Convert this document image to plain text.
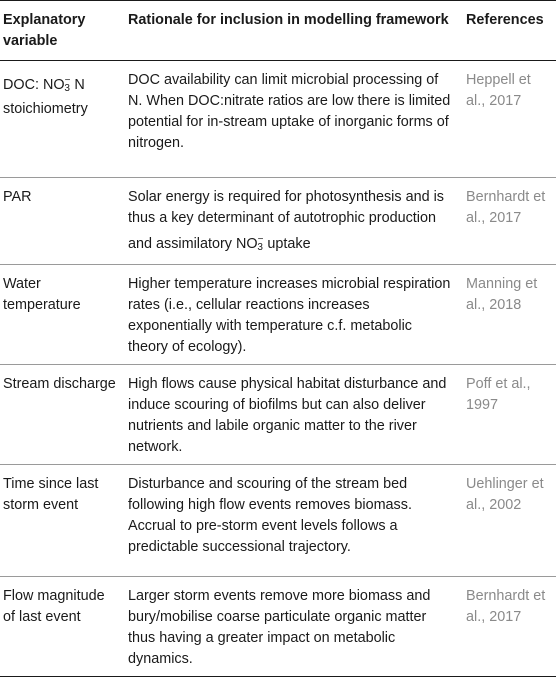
Explanatory variable	Rationale for inclusion in modelling framework	References
DOC: NO−3 N stoichiometry	DOC availability can limit microbial processing of N. When DOC:nitrate ratios are low there is limited potential for in-stream uptake of inorganic forms of nitrogen.	Heppell et al., 2017
PAR	Solar energy is required for photosynthesis and is thus a key determinant of autotrophic production and assimilatory NO−3 uptake	Bernhardt et al., 2017
Water temperature	Higher temperature increases microbial respiration rates (i.e., cellular reactions increases exponentially with temperature c.f. metabolic theory of ecology).	Manning et al., 2018
Stream discharge	High flows cause physical habitat disturbance and induce scouring of biofilms but can also deliver nutrients and labile organic matter to the river network.	Poff et al., 1997
Time since last storm event	Disturbance and scouring of the stream bed following high flow events removes biomass. Accrual to pre-storm event levels follows a predictable successional trajectory.	Uehlinger et al., 2002
Flow magnitude of last event	Larger storm events remove more biomass and bury/mobilise coarse particulate organic matter thus having a greater impact on metabolic dynamics.	Bernhardt et al., 2017
